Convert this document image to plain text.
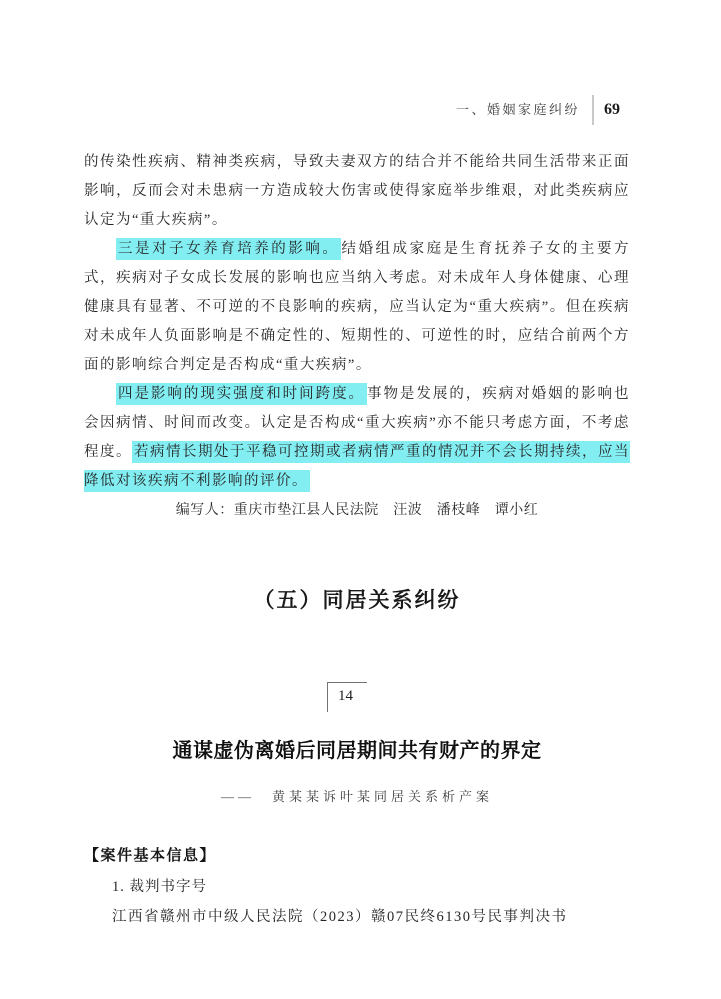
一、婚姻家庭纠纷 69

的传染性疾病、精神类疾病，导致夫妻双方的结合并不能给共同生活带来正面影响，反而会对未患病一方造成较大伤害或使得家庭举步维艰，对此类疾病应认定为“重大疾病”。

三是对子女养育培养的影响。 结婚组成家庭是生育抚养子女的主要方式，疾病对子女成长发展的影响也应当纳入考虑。对未成年人身体健康、心理健康具有显著、不可逆的不良影响的疾病，应当认定为“重大疾病”。但在疾病对未成年人负面影响是不确定性的、短期性的、可逆性的时，应结合前两个方面的影响综合判定是否构成“重大疾病”。

四是影响的现实强度和时间跨度。 事物是发展的，疾病对婚姻的影响也会因病情、时间而改变。认定是否构成“重大疾病”亦不能只考虑方面，不考虑程度。 若病情长期处于平稳可控期或者病情严重的情况并不会长期持续，应当降低对该疾病不利影响的评价。

编写人：重庆市垫江县人民法院　汪波　潘枝峰　谭小红

（五）同居关系纠纷
14
通谋虚伪离婚后同居期间共有财产的界定
——　黄某某诉叶某同居关系析产案
【案件基本信息】
1. 裁判书字号
江西省赣州市中级人民法院（2023）赣07民终6130号民事判决书
